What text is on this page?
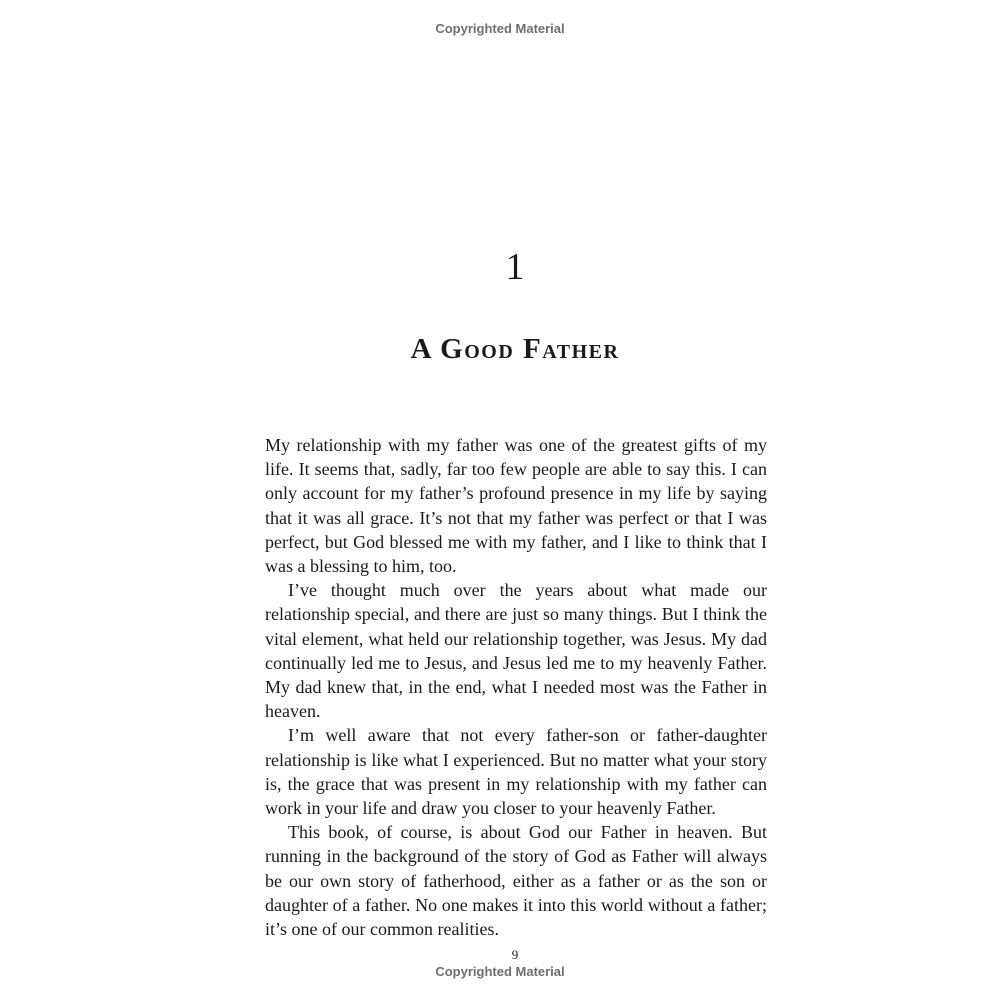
Copyrighted Material
1
A Good Father

My relationship with my father was one of the greatest gifts of my life. It seems that, sadly, far too few people are able to say this. I can only account for my father’s profound presence in my life by saying that it was all grace. It’s not that my father was perfect or that I was perfect, but God blessed me with my father, and I like to think that I was a blessing to him, too.

I’ve thought much over the years about what made our relationship special, and there are just so many things. But I think the vital element, what held our relationship together, was Jesus. My dad continually led me to Jesus, and Jesus led me to my heavenly Father. My dad knew that, in the end, what I needed most was the Father in heaven.

I’m well aware that not every father-son or father-daughter relationship is like what I experienced. But no matter what your story is, the grace that was present in my relationship with my father can work in your life and draw you closer to your heavenly Father.

This book, of course, is about God our Father in heaven. But running in the background of the story of God as Father will always be our own story of fatherhood, either as a father or as the son or daughter of a father. No one makes it into this world without a father; it’s one of our common realities.

9
Copyrighted Material
